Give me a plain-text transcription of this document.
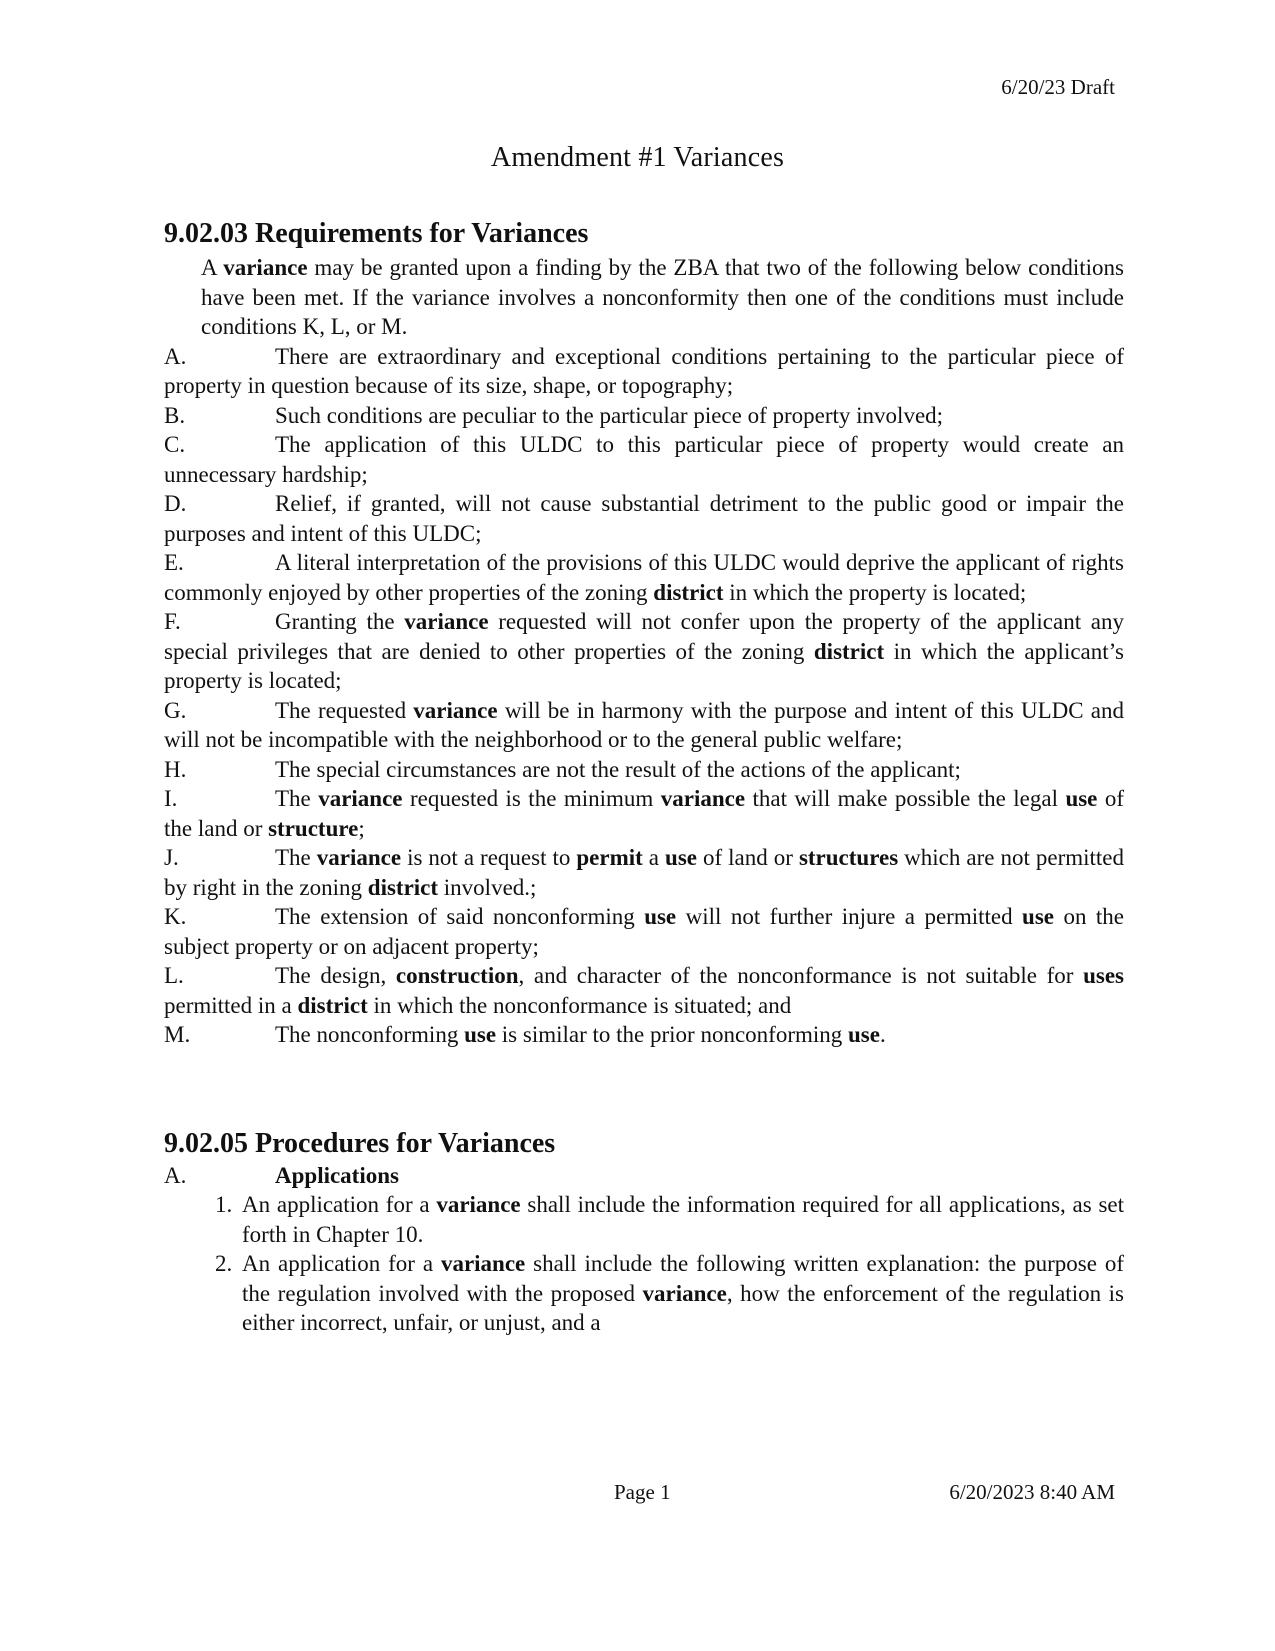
6/20/23 Draft
Amendment #1 Variances
9.02.03 Requirements for Variances

A variance may be granted upon a finding by the ZBA that two of the following below conditions have been met. If the variance involves a nonconformity then one of the conditions must include conditions K, L, or M.

A.	There are extraordinary and exceptional conditions pertaining to the particular piece of property in question because of its size, shape, or topography;

B.	Such conditions are peculiar to the particular piece of property involved;

C.	The application of this ULDC to this particular piece of property would create an unnecessary hardship;

D.	Relief, if granted, will not cause substantial detriment to the public good or impair the purposes and intent of this ULDC;

E.	A literal interpretation of the provisions of this ULDC would deprive the applicant of rights commonly enjoyed by other properties of the zoning district in which the property is located;

F.	Granting the variance requested will not confer upon the property of the applicant any special privileges that are denied to other properties of the zoning district in which the applicant’s property is located;

G.	The requested variance will be in harmony with the purpose and intent of this ULDC and will not be incompatible with the neighborhood or to the general public welfare;

H.	The special circumstances are not the result of the actions of the applicant;

I.	The variance requested is the minimum variance that will make possible the legal use of the land or structure;

J.	The variance is not a request to permit a use of land or structures which are not permitted by right in the zoning district involved.;

K.	The extension of said nonconforming use will not further injure a permitted use on the subject property or on adjacent property;

L.	The design, construction, and character of the nonconformance is not suitable for uses permitted in a district in which the nonconformance is situated; and

M.	The nonconforming use is similar to the prior nonconforming use.

9.02.05 Procedures for Variances

A.	Applications

1. An application for a variance shall include the information required for all applications, as set forth in Chapter 10.
2. An application for a variance shall include the following written explanation: the purpose of the regulation involved with the proposed variance, how the enforcement of the regulation is either incorrect, unfair, or unjust, and a
Page 1	6/20/2023 8:40 AM
